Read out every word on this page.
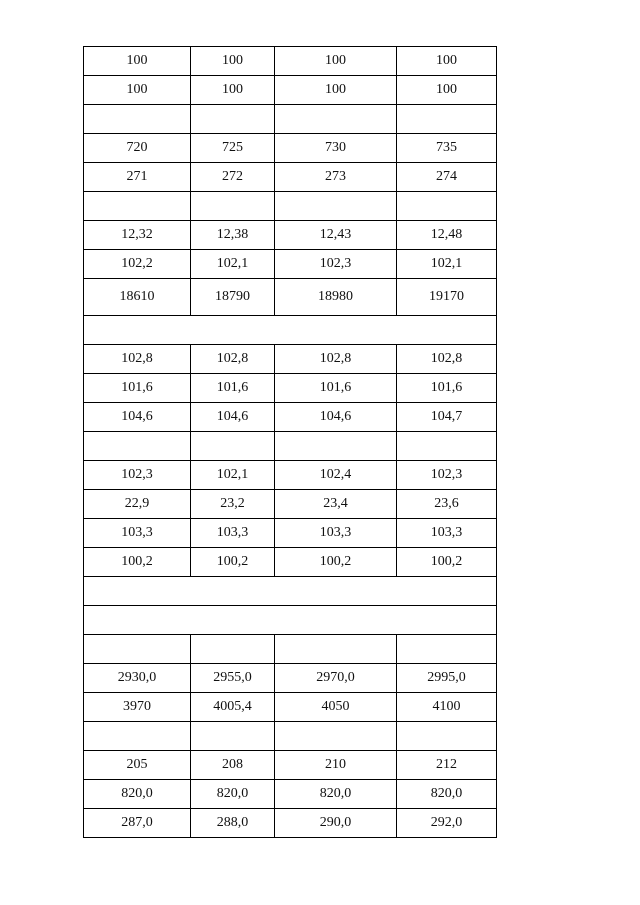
100	100	100	100
100	100	100	100

720	725	730	735
271	272	273	274

12,32	12,38	12,43	12,48
102,2	102,1	102,3	102,1
18610	18790	18980	19170

102,8	102,8	102,8	102,8
101,6	101,6	101,6	101,6
104,6	104,6	104,6	104,7

102,3	102,1	102,4	102,3
22,9	23,2	23,4	23,6
103,3	103,3	103,3	103,3
100,2	100,2	100,2	100,2

2930,0	2955,0	2970,0	2995,0
3970	4005,4	4050	4100

205	208	210	212
820,0	820,0	820,0	820,0
287,0	288,0	290,0	292,0
